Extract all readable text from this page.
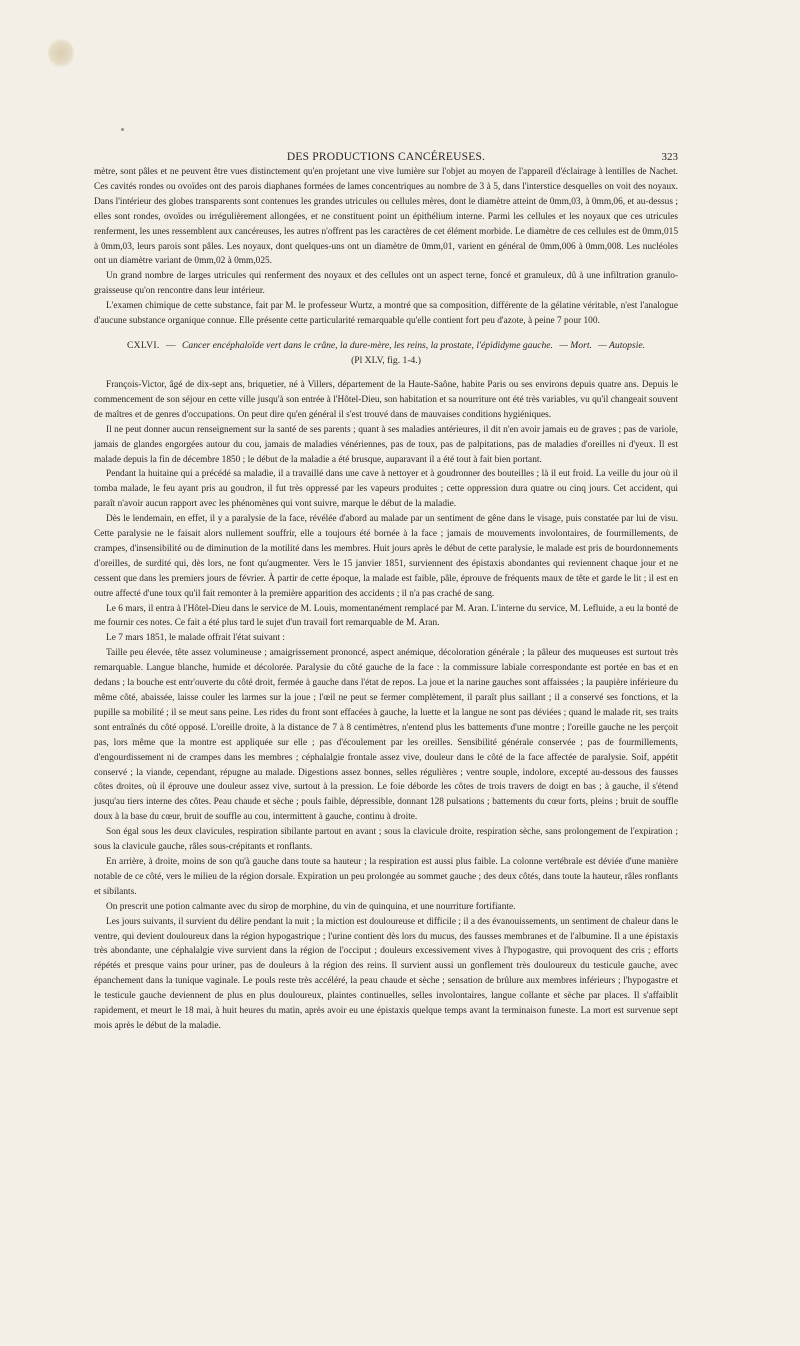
DES PRODUCTIONS CANCÉREUSES.	323

mètre, sont pâles et ne peuvent être vues distinctement qu'en projetant une vive lumière sur l'objet au moyen de l'appareil d'éclairage à lentilles de Nachet. Ces cavités rondes ou ovoïdes ont des parois diaphanes formées de lames concentriques au nombre de 3 à 5, dans l'interstice desquelles on voit des noyaux. Dans l'intérieur des globes transparents sont contenues les grandes utricules ou cellules mères, dont le diamètre atteint de 0mm,03, à 0mm,06, et au-dessus ; elles sont rondes, ovoïdes ou irrégulièrement allongées, et ne constituent point un épithélium interne. Parmi les cellules et les noyaux que ces utricules renferment, les unes ressemblent aux cancéreuses, les autres n'offrent pas les caractères de cet élément morbide. Le diamètre de ces cellules est de 0mm,015 à 0mm,03, leurs parois sont pâles. Les noyaux, dont quelques-uns ont un diamètre de 0mm,01, varient en général de 0mm,006 à 0mm,008. Les nucléoles ont un diamètre variant de 0mm,02 à 0mm,025.

Un grand nombre de larges utricules qui renferment des noyaux et des cellules ont un aspect terne, foncé et granuleux, dû à une infiltration granulo-graisseuse qu'on rencontre dans leur intérieur.

L'examen chimique de cette substance, fait par M. le professeur Wurtz, a montré que sa composition, différente de la gélatine véritable, n'est l'analogue d'aucune substance organique connue. Elle présente cette particularité remarquable qu'elle contient fort peu d'azote, à peine 7 pour 100.

CXLVI. — Cancer encéphaloïde vert dans le crâne, la dure-mère, les reins, la prostate, l'épididyme gauche. — Mort. — Autopsie.

(Pl XLV, fig. 1-4.)

François-Victor, âgé de dix-sept ans, briquetier, né à Villers, département de la Haute-Saône, habite Paris ou ses environs depuis quatre ans. Depuis le commencement de son séjour en cette ville jusqu'à son entrée à l'Hôtel-Dieu, son habitation et sa nourriture ont été très variables, vu qu'il changeait souvent de maîtres et de genres d'occupations. On peut dire qu'en général il s'est trouvé dans de mauvaises conditions hygiéniques.

Il ne peut donner aucun renseignement sur la santé de ses parents ; quant à ses maladies antérieures, il dit n'en avoir jamais eu de graves ; pas de variole, jamais de glandes engorgées autour du cou, jamais de maladies vénériennes, pas de toux, pas de palpitations, pas de maladies d'oreilles ni d'yeux. Il est malade depuis la fin de décembre 1850 ; le début de la maladie a été brusque, auparavant il a été tout à fait bien portant.

Pendant la huitaine qui a précédé sa maladie, il a travaillé dans une cave à nettoyer et à goudronner des bouteilles ; là il eut froid. La veille du jour où il tomba malade, le feu ayant pris au goudron, il fut très oppressé par les vapeurs produites ; cette oppression dura quatre ou cinq jours. Cet accident, qui paraît n'avoir aucun rapport avec les phénomènes qui vont suivre, marque le début de la maladie.

Dès le lendemain, en effet, il y a paralysie de la face, révélée d'abord au malade par un sentiment de gêne dans le visage, puis constatée par lui de visu. Cette paralysie ne le faisait alors nullement souffrir, elle a toujours été bornée à la face ; jamais de mouvements involontaires, de fourmillements, de crampes, d'insensibilité ou de diminution de la motilité dans les membres. Huit jours après le début de cette paralysie, le malade est pris de bourdonnements d'oreilles, de surdité qui, dès lors, ne font qu'augmenter. Vers le 15 janvier 1851, surviennent des épistaxis abondantes qui reviennent chaque jour et ne cessent que dans les premiers jours de février. À partir de cette époque, la malade est faible, pâle, éprouve de fréquents maux de tête et garde le lit ; il est en outre affecté d'une toux qu'il fait remonter à la première apparition des accidents ; il n'a pas craché de sang.

Le 6 mars, il entra à l'Hôtel-Dieu dans le service de M. Louis, momentanément remplacé par M. Aran. L'interne du service, M. Lefluide, a eu la bonté de me fournir ces notes. Ce fait a été plus tard le sujet d'un travail fort remarquable de M. Aran.

Le 7 mars 1851, le malade offrait l'état suivant :

Taille peu élevée, tête assez volumineuse ; amaigrissement prononcé, aspect anémique, décoloration générale ; la pâleur des muqueuses est surtout très remarquable. Langue blanche, humide et décolorée. Paralysie du côté gauche de la face : la commissure labiale correspondante est portée en bas et en dedans ; la bouche est entr'ouverte du côté droit, fermée à gauche dans l'état de repos. La joue et la narine gauches sont affaissées ; la paupière inférieure du même côté, abaissée, laisse couler les larmes sur la joue ; l'œil ne peut se fermer complètement, il paraît plus saillant ; il a conservé ses fonctions, et la pupille sa mobilité ; il se meut sans peine. Les rides du front sont effacées à gauche, la luette et la langue ne sont pas déviées ; quand le malade rit, ses traits sont entraînés du côté opposé. L'oreille droite, à la distance de 7 à 8 centimètres, n'entend plus les battements d'une montre ; l'oreille gauche ne les perçoit pas, lors même que la montre est appliquée sur elle ; pas d'écoulement par les oreilles. Sensibilité générale conservée ; pas de fourmillements, d'engourdissement ni de crampes dans les membres ; céphalalgie frontale assez vive, douleur dans le côté de la face affectée de paralysie. Soif, appétit conservé ; la viande, cependant, répugne au malade. Digestions assez bonnes, selles régulières ; ventre souple, indolore, excepté au-dessous des fausses côtes droites, où il éprouve une douleur assez vive, surtout à la pression. Le foie déborde les côtes de trois travers de doigt en bas ; à gauche, il s'étend jusqu'au tiers interne des côtes. Peau chaude et sèche ; pouls faible, dépressible, donnant 128 pulsations ; battements du cœur forts, pleins ; bruit de souffle doux à la base du cœur, bruit de souffle au cou, intermittent à gauche, continu à droite.

Son égal sous les deux clavicules, respiration sibilante partout en avant ; sous la clavicule droite, respiration sèche, sans prolongement de l'expiration ; sous la clavicule gauche, râles sous-crépitants et ronflants.

En arrière, à droite, moins de son qu'à gauche dans toute sa hauteur ; la respiration est aussi plus faible. La colonne vertébrale est déviée d'une manière notable de ce côté, vers le milieu de la région dorsale. Expiration un peu prolongée au sommet gauche ; des deux côtés, dans toute la hauteur, râles ronflants et sibilants.

On prescrit une potion calmante avec du sirop de morphine, du vin de quinquina, et une nourriture fortifiante.

Les jours suivants, il survient du délire pendant la nuit ; la miction est douloureuse et difficile ; il a des évanouissements, un sentiment de chaleur dans le ventre, qui devient douloureux dans la région hypogastrique ; l'urine contient dès lors du mucus, des fausses membranes et de l'albumine. Il a une épistaxis très abondante, une céphalalgie vive survient dans la région de l'occiput ; douleurs excessivement vives à l'hypogastre, qui provoquent des cris ; efforts répétés et presque vains pour uriner, pas de douleurs à la région des reins. Il survient aussi un gonflement très douloureux du testicule gauche, avec épanchement dans la tunique vaginale. Le pouls reste très accéléré, la peau chaude et sèche ; sensation de brûlure aux membres inférieurs ; l'hypogastre et le testicule gauche deviennent de plus en plus douloureux, plaintes continuelles, selles involontaires, langue collante et sèche par places. Il s'affaiblit rapidement, et meurt le 18 mai, à huit heures du matin, après avoir eu une épistaxis quelque temps avant la terminaison funeste. La mort est survenue sept mois après le début de la maladie.
